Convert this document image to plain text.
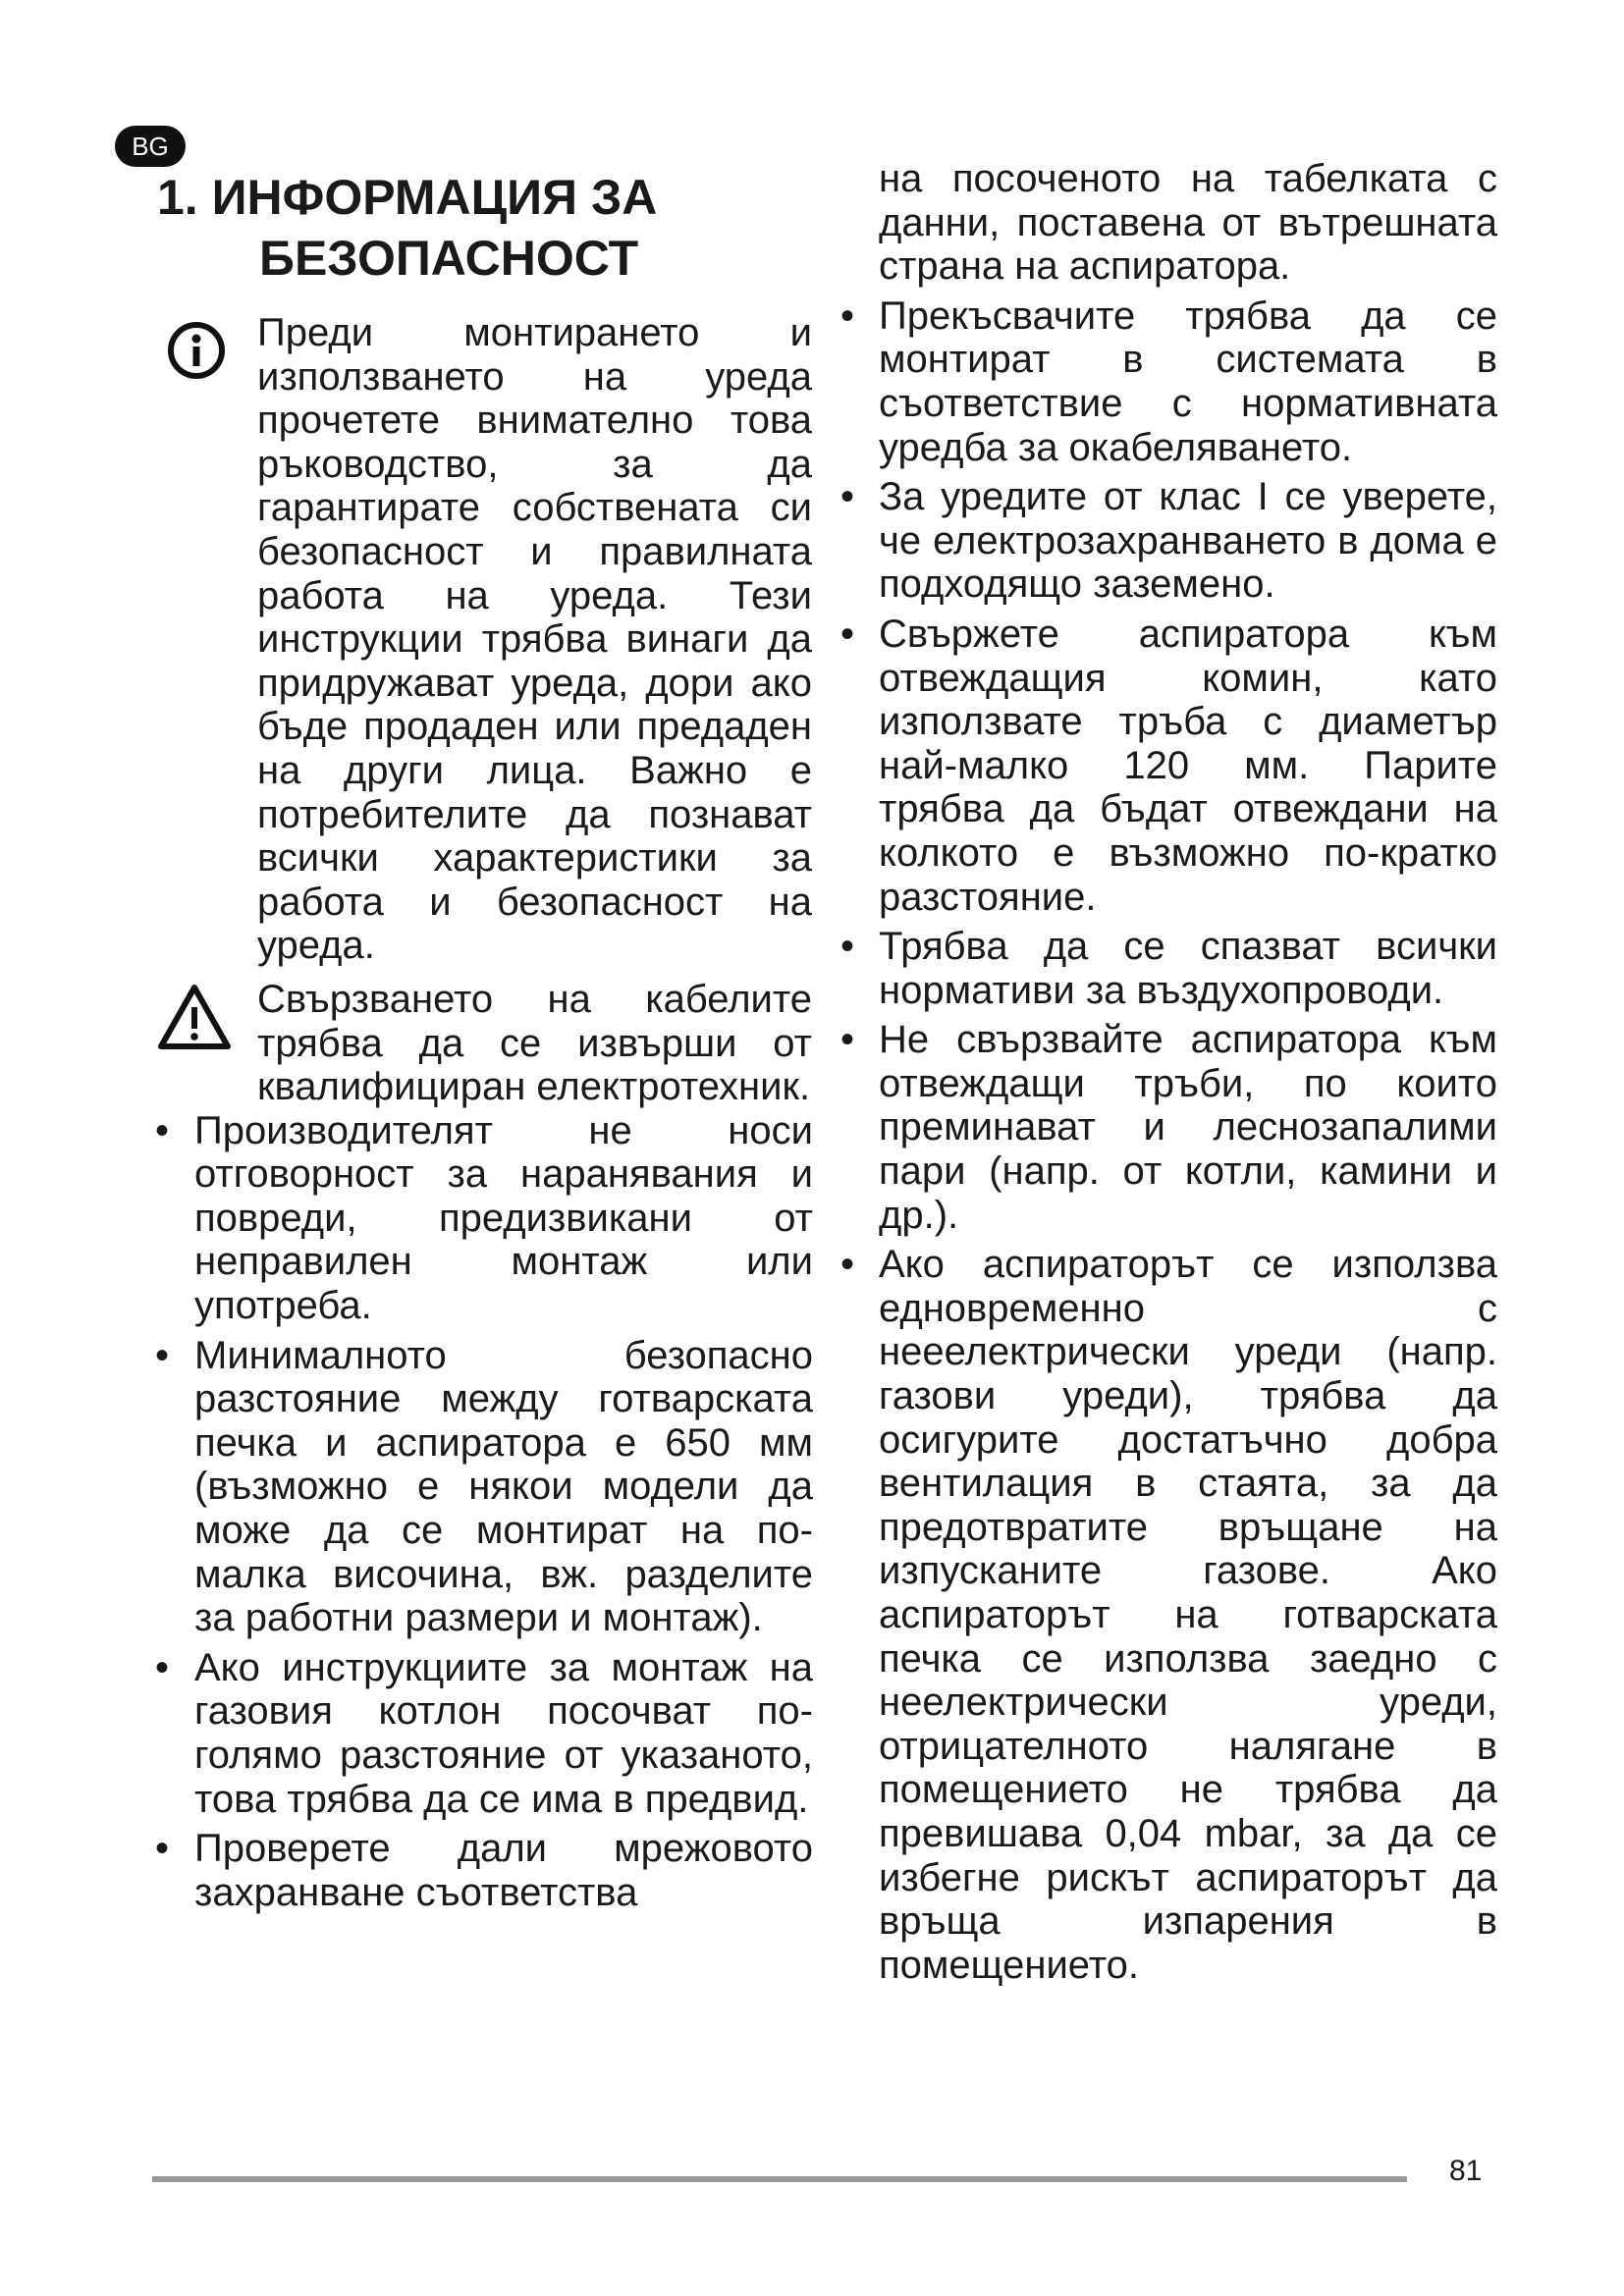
BG
1. ИНФОРМАЦИЯ ЗА
БЕЗОПАСНОСТ

Преди монтирането и използването на уреда прочетете внимателно това ръководство, за да гарантирате собствената си безопасност и правилната работа на уреда. Тези инструкции трябва винаги да придружават уреда, дори ако бъде продаден или предаден на други лица. Важно е потребителите да познават всички характеристики за работа и безопасност на уреда.

Свързването на кабелите трябва да се извърши от квалифициран електротехник.

• Производителят не носи отговорност за наранявания и повреди, предизвикани от неправилен монтаж или употреба.

• Минималното безопасно разстояние между готварската печка и аспиратора е 650 мм (възможно е някои модели да може да се монтират на по-малка височина, вж. разделите за работни размери и монтаж).

• Ако инструкциите за монтаж на газовия котлон посочват по-голямо разстояние от указаното, това трябва да се има в предвид.

• Проверете дали мрежовото захранване съответства

на посоченото на табелката с данни, поставена от вътрешната страна на аспиратора.

• Прекъсвачите трябва да се монтират в системата в съответствие с нормативната уредба за окабеляването.

• За уредите от клас I се уверете, че електрозахранването в дома е подходящо заземено.

• Свържете аспиратора към отвеждащия комин, като използвате тръба с диаметър най-малко 120 мм. Парите трябва да бъдат отвеждани на колкото е възможно по-кратко разстояние.

• Трябва да се спазват всички нормативи за въздухопроводи.

• Не свързвайте аспиратора към отвеждащи тръби, по които преминават и леснозапалими пари (напр. от котли, камини и др.).

• Ако аспираторът се използва едновременно с нееелектрически уреди (напр. газови уреди), трябва да осигурите достатъчно добра вентилация в стаята, за да предотвратите връщане на изпусканите газове. Ако аспираторът на готварската печка се използва заедно с неелектрически уреди, отрицателното налягане в помещението не трябва да превишава 0,04 mbar, за да се избегне рискът аспираторът да връща изпарения в помещението.

81
